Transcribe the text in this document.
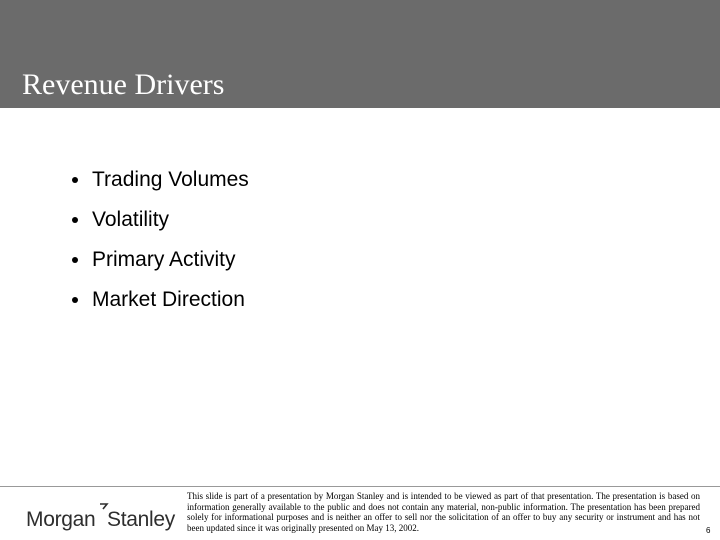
Revenue Drivers
Trading Volumes
Volatility
Primary Activity
Market Direction
Morgan Stanley
This slide is part of a presentation by Morgan Stanley and is intended to be viewed as part of that presentation. The presentation is based on information generally available to the public and does not contain any material, non-public information. The presentation has been prepared solely for informational purposes and is neither an offer to sell nor the solicitation of an offer to buy any security or instrument and has not been updated since it was originally presented on May 13, 2002.	6
